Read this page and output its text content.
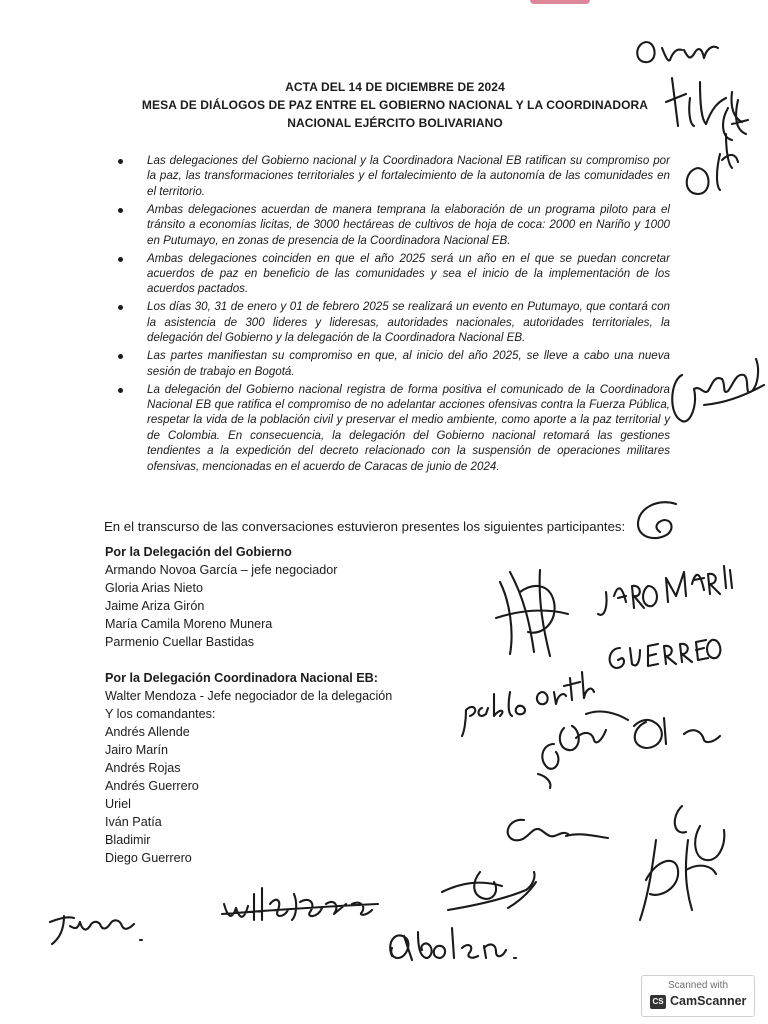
ACTA DEL 14 DE DICIEMBRE DE 2024
MESA DE DIÁLOGOS DE PAZ ENTRE EL GOBIERNO NACIONAL Y LA COORDINADORA
NACIONAL EJÉRCITO BOLIVARIANO
Las delegaciones del Gobierno nacional y la Coordinadora Nacional EB ratifican su compromiso por la paz, las transformaciones territoriales y el fortalecimiento de la autonomía de las comunidades en el territorio.
Ambas delegaciones acuerdan de manera temprana la elaboración de un programa piloto para el tránsito a economías licitas, de 3000 hectáreas de cultivos de hoja de coca: 2000 en Nariño y 1000 en Putumayo, en zonas de presencia de la Coordinadora Nacional EB.
Ambas delegaciones coinciden en que el año 2025 será un año en el que se puedan concretar acuerdos de paz en beneficio de las comunidades y sea el inicio de la implementación de los acuerdos pactados.
Los días 30, 31 de enero y 01 de febrero 2025 se realizará un evento en Putumayo, que contará con la asistencia de 300 lideres y lideresas, autoridades nacionales, autoridades territoriales, la delegación del Gobierno y la delegación de la Coordinadora Nacional EB.
Las partes manifiestan su compromiso en que, al inicio del año 2025, se lleve a cabo una nueva sesión de trabajo en Bogotá.
La delegación del Gobierno nacional registra de forma positiva el comunicado de la Coordinadora Nacional EB que ratifica el compromiso de no adelantar acciones ofensivas contra la Fuerza Pública, respetar la vida de la población civil y preservar el medio ambiente, como aporte a la paz territorial y de Colombia. En consecuencia, la delegación del Gobierno nacional retomará las gestiones tendientes a la expedición del decreto relacionado con la suspensión de operaciones militares ofensivas, mencionadas en el acuerdo de Caracas de junio de 2024.
En el transcurso de las conversaciones estuvieron presentes los siguientes participantes:
Por la Delegación del Gobierno
Armando Novoa García – jefe negociador
Gloria Arias Nieto
Jaime Ariza Girón
María Camila Moreno Munera
Parmenio Cuellar Bastidas
Por la Delegación Coordinadora Nacional EB:
Walter Mendoza - Jefe negociador de la delegación
Y los comandantes:
Andrés Allende
Jairo Marín
Andrés Rojas
Andrés Guerrero
Uriel
Iván Patía
Bladimir
Diego Guerrero
Scanned with
CS CamScanner
